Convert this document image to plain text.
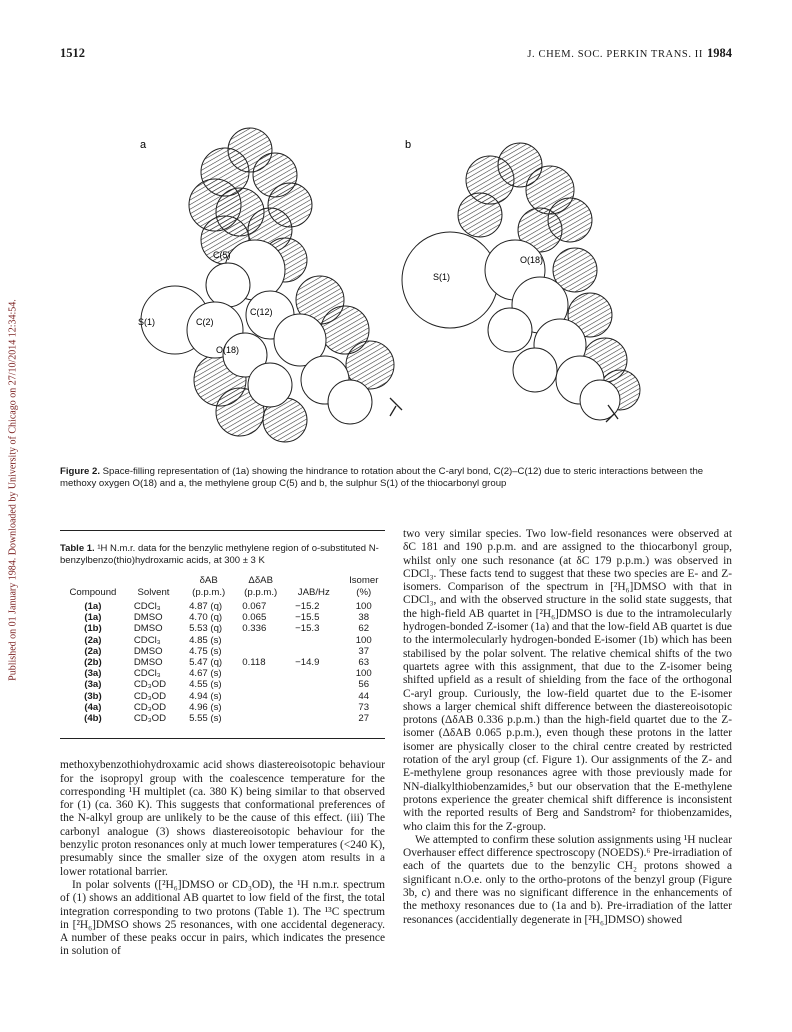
1512	J. CHEM. SOC. PERKIN TRANS. II 1984
Published on 01 January 1984. Downloaded by University of Chicago on 27/10/2014 12:34:54.
a
C(5)
S(1)	C(2)
C(12)
O(18)
b
O(18)
S(1)
Figure 2. Space-filling representation of (1a) showing the hindrance to rotation about the C-aryl bond, C(2)–C(12) due to steric interactions between the methoxy oxygen O(18) and a, the methylene group C(5) and b, the sulphur S(1) of the thiocarbonyl group
Table 1. ¹H N.m.r. data for the benzylic methylene region of o-substituted N-benzylbenzo(thio)hydroxamic acids, at 300 ± 3 K
		δAB	ΔδAB		Isomer
Compound	Solvent	(p.p.m.)	(p.p.m.)	JAB/Hz	(%)
(1a)	CDCl₃	4.87 (q)	0.067	−15.2	100
(1a)	DMSO	4.70 (q)	0.065	−15.5	38
(1b)	DMSO	5.53 (q)	0.336	−15.3	62
(2a)	CDCl₃	4.85 (s)			100
(2a)	DMSO	4.75 (s)			37
(2b)	DMSO	5.47 (q)	0.118	−14.9	63
(3a)	CDCl₃	4.67 (s)			100
(3a)	CD₃OD	4.55 (s)			56
(3b)	CD₃OD	4.94 (s)			44
(4a)	CD₃OD	4.96 (s)			73
(4b)	CD₃OD	5.55 (s)			27

methoxybenzothiohydroxamic acid shows diastereoisotopic behaviour for the isopropyl group with the coalescence temperature for the corresponding ¹H multiplet (ca. 380 K) being similar to that observed for (1) (ca. 360 K). This suggests that conformational preferences of the N-alkyl group are unlikely to be the cause of this effect. (iii) The carbonyl analogue (3) shows diastereoisotopic behaviour for the benzylic proton resonances only at much lower temperatures (<240 K), presumably since the smaller size of the oxygen atom results in a lower rotational barrier.

In polar solvents ([²H₆]DMSO or CD₃OD), the ¹H n.m.r. spectrum of (1) shows an additional AB quartet to low field of the first, the total integration corresponding to two protons (Table 1). The ¹³C spectrum in [²H₆]DMSO shows 25 resonances, with one accidental degeneracy. A number of these peaks occur in pairs, which indicates the presence in solution of

two very similar species. Two low-field resonances were observed at δC 181 and 190 p.p.m. and are assigned to the thiocarbonyl group, whilst only one such resonance (at δC 179 p.p.m.) was observed in CDCl₃. These facts tend to suggest that these two species are E- and Z-isomers. Comparison of the spectrum in [²H₆]DMSO with that in CDCl₃, and with the observed structure in the solid state suggests, that the high-field AB quartet in [²H₆]DMSO is due to the intramolecularly hydrogen-bonded Z-isomer (1a) and that the low-field AB quartet is due to the intermolecularly hydrogen-bonded E-isomer (1b) which has been stabilised by the polar solvent. The relative chemical shifts of the two quartets agree with this assignment, that due to the Z-isomer being shifted upfield as a result of shielding from the face of the orthogonal C-aryl group. Curiously, the low-field quartet due to the E-isomer shows a larger chemical shift difference between the diastereoisotopic protons (ΔδAB 0.336 p.p.m.) than the high-field quartet due to the Z-isomer (ΔδAB 0.065 p.p.m.), even though these protons in the latter isomer are physically closer to the chiral centre created by restricted rotation of the aryl group (cf. Figure 1). Our assignments of the Z- and E-methylene group resonances agree with those previously made for NN-dialkylthiobenzamides,⁵ but our observation that the E-methylene protons experience the greater chemical shift difference is inconsistent with the reported results of Berg and Sandstrom² for thiobenzamides, who claim this for the Z-group.

We attempted to confirm these solution assignments using ¹H nuclear Overhauser effect difference spectroscopy (NOEDS).⁶ Pre-irradiation of each of the quartets due to the benzylic CH₂ protons showed a significant n.O.e. only to the ortho-protons of the benzyl group (Figure 3b, c) and there was no significant difference in the enhancements of the methoxy resonances due to (1a and b). Pre-irradiation of the latter resonances (accidentially degenerate in [²H₆]DMSO) showed
